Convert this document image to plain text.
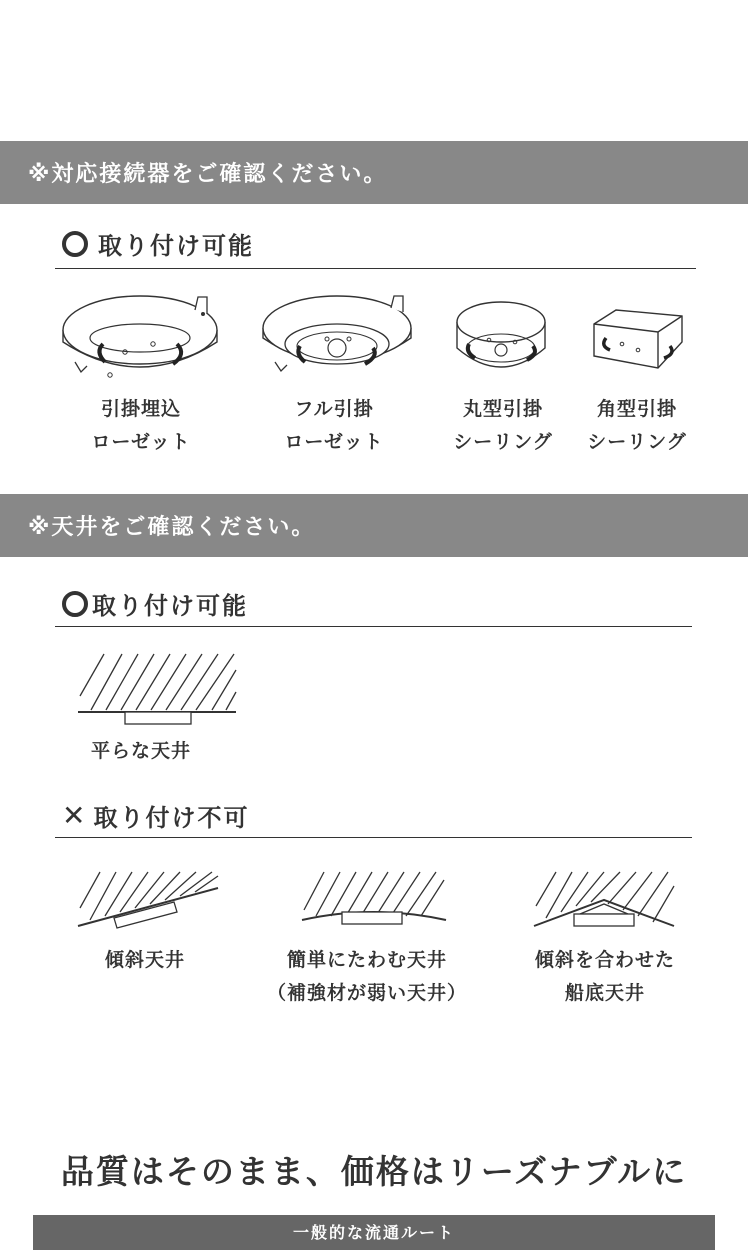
※対応接続器をご確認ください。
取り付け可能
引掛埋込
ローゼット
フル引掛
ローゼット
丸型引掛
シーリング
角型引掛
シーリング
※天井をご確認ください。
取り付け可能
平らな天井
✕ 取り付け不可
傾斜天井	簡単にたわむ天井
（補強材が弱い天井）
傾斜を合わせた
船底天井
品質はそのまま、価格はリーズナブルに
一般的な流通ルート
